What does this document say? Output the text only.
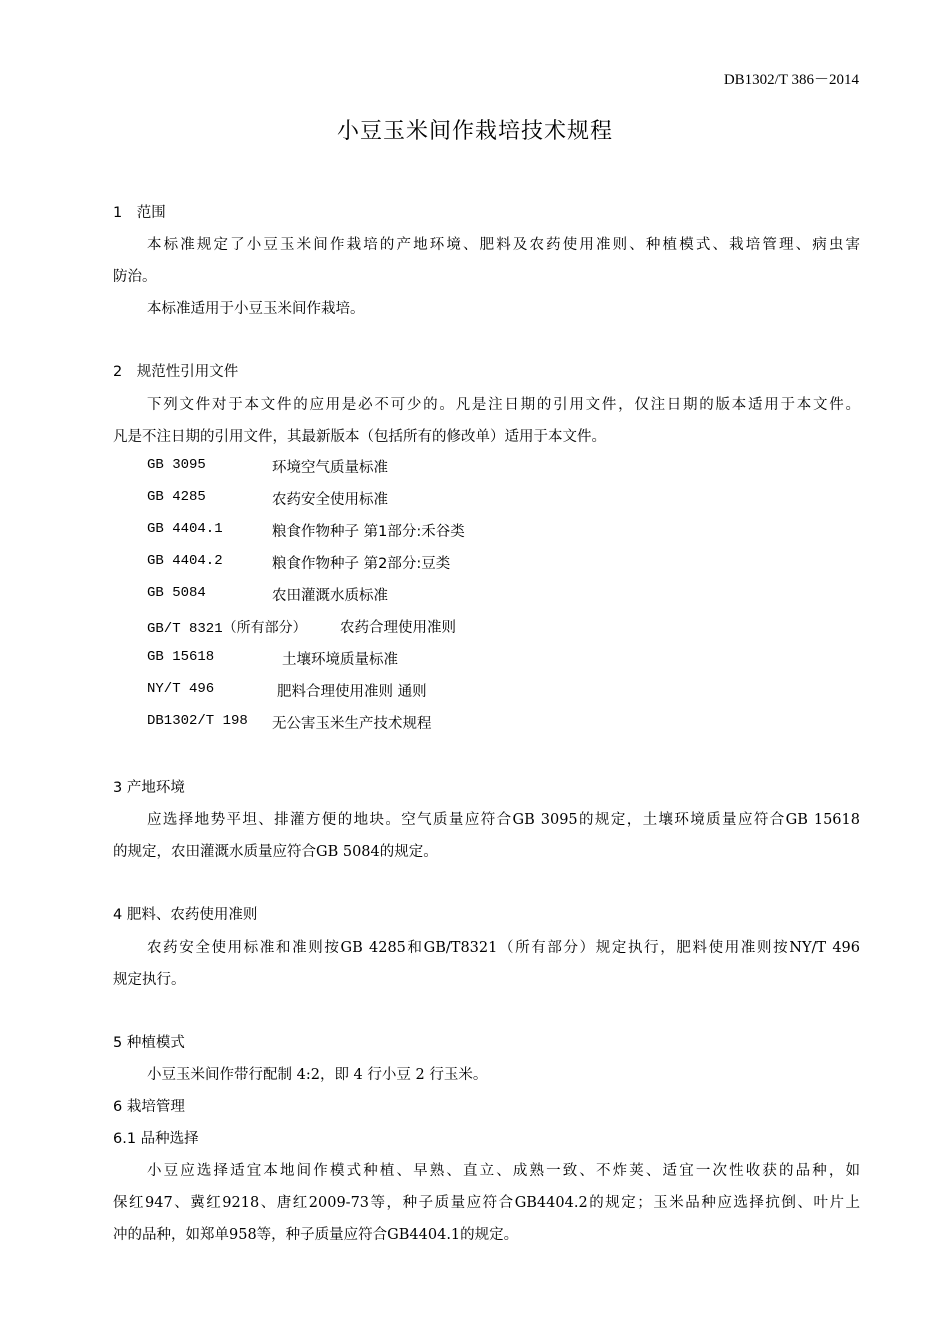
DB1302/T 386－2014
小豆玉米间作栽培技术规程
1　范围
本标准规定了小豆玉米间作栽培的产地环境、肥料及农药使用准则、种植模式、栽培管理、病虫害
防治。
本标准适用于小豆玉米间作栽培。
2　规范性引用文件
下列文件对于本文件的应用是必不可少的。凡是注日期的引用文件，仅注日期的版本适用于本文件。
凡是不注日期的引用文件，其最新版本（包括所有的修改单）适用于本文件。
GB 3095	环境空气质量标准
GB 4285	农药安全使用标准
GB 4404.1	粮食作物种子 第1部分:禾谷类
GB 4404.2	粮食作物种子 第2部分:豆类
GB 5084	农田灌溉水质标准
GB/T 8321（所有部分） 农药合理使用准则
GB 15618	土壤环境质量标准
NY/T 496	肥料合理使用准则 通则
DB1302/T 198 无公害玉米生产技术规程
3 产地环境
应选择地势平坦、排灌方便的地块。空气质量应符合GB 3095的规定，土壤环境质量应符合GB 15618
的规定，农田灌溉水质量应符合GB 5084的规定。
4 肥料、农药使用准则
农药安全使用标准和准则按GB 4285和GB/T8321（所有部分）规定执行，肥料使用准则按NY/T 496
规定执行。
5 种植模式
小豆玉米间作带行配制 4:2，即 4 行小豆 2 行玉米。
6 栽培管理
6.1 品种选择
小豆应选择适宜本地间作模式种植、早熟、直立、成熟一致、不炸荚、适宜一次性收获的品种，如
保红947、冀红9218、唐红2009-73等，种子质量应符合GB4404.2的规定；玉米品种应选择抗倒、叶片上
冲的品种，如郑单958等，种子质量应符合GB4404.1的规定。
